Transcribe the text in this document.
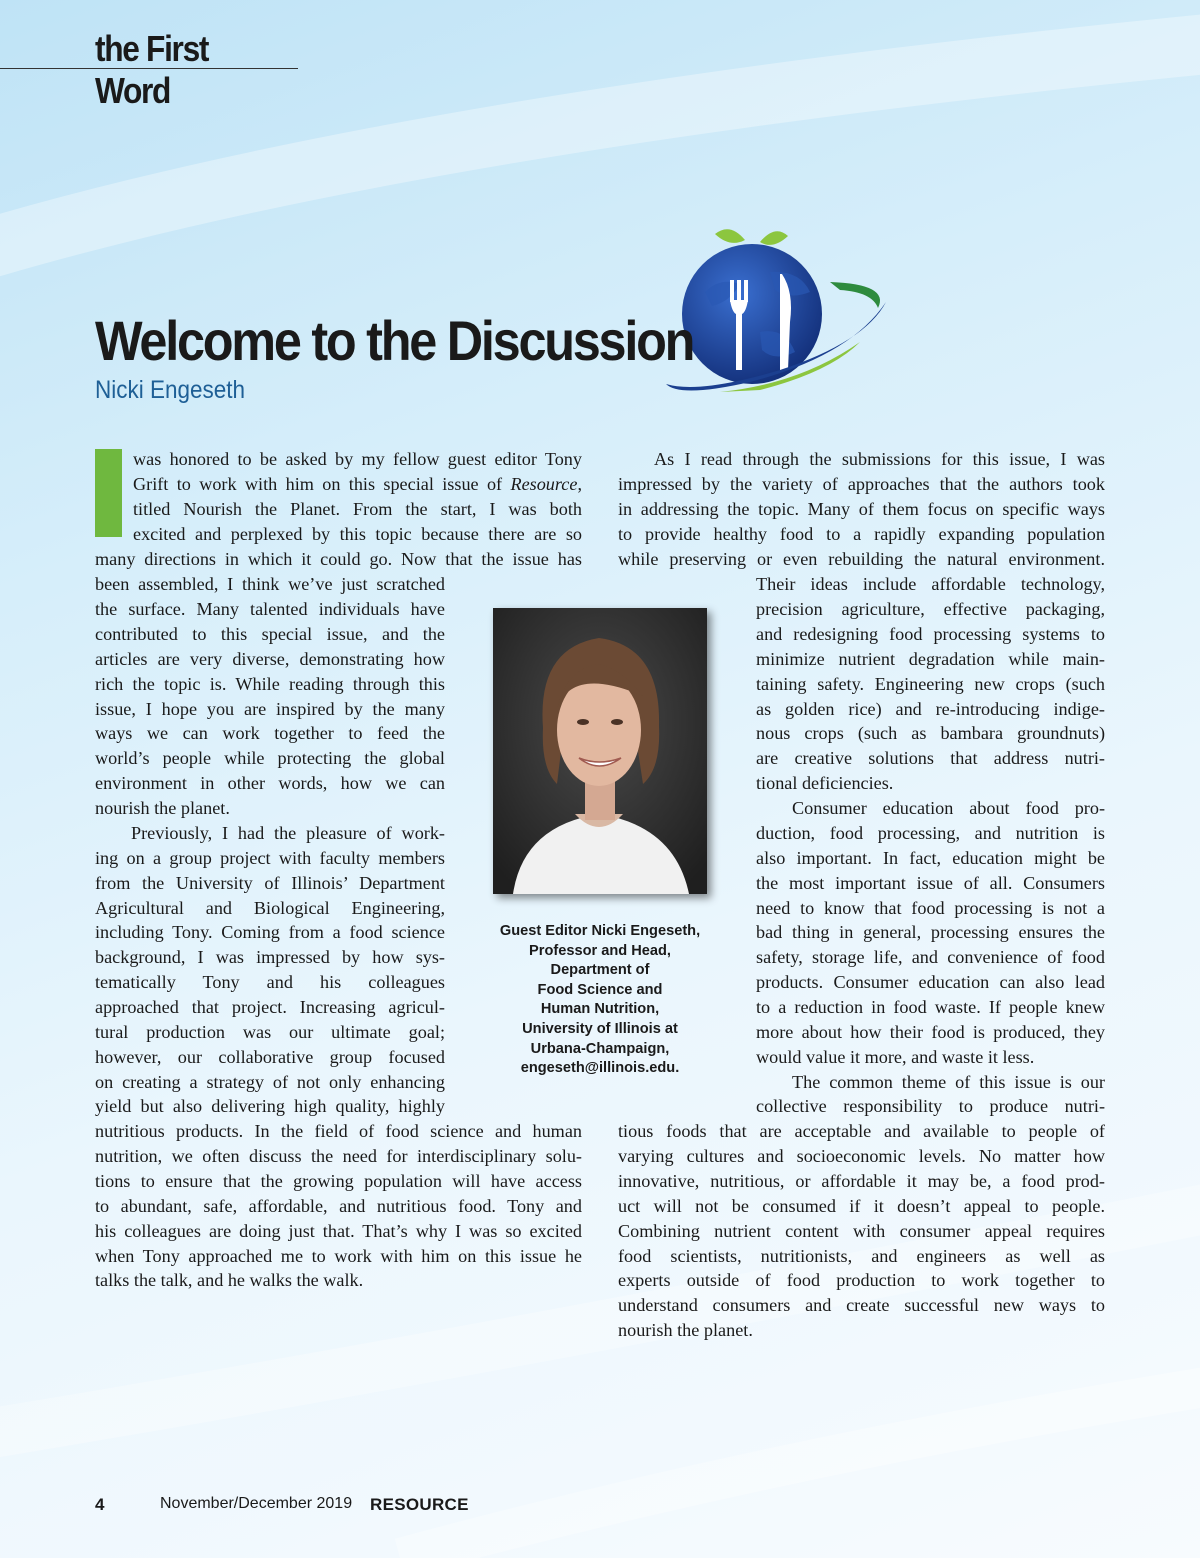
the First Word
Welcome to the Discussion
Nicki Engeseth
was honored to be asked by my fellow guest editor Tony
Grift to work with him on this special issue of Resource,
titled Nourish the Planet. From the start, I was both
excited and perplexed by this topic because there are so
many directions in which it could go. Now that the issue has
been assembled, I think we’ve just scratched
the surface. Many talented individuals have
contributed to this special issue, and the
articles are very diverse, demonstrating how
rich the topic is. While reading through this
issue, I hope you are inspired by the many
ways we can work together to feed the
world’s people while protecting the global
environment in other words, how we can
nourish the planet.
Previously, I had the pleasure of work-
ing on a group project with faculty members
from the University of Illinois’ Department
Agricultural and Biological Engineering,
including Tony. Coming from a food science
background, I was impressed by how sys-
tematically Tony and his colleagues
approached that project. Increasing agricul-
tural production was our ultimate goal;
however, our collaborative group focused
on creating a strategy of not only enhancing
yield but also delivering high quality, highly
nutritious products. In the field of food science and human
nutrition, we often discuss the need for interdisciplinary solu-
tions to ensure that the growing population will have access
to abundant, safe, affordable, and nutritious food. Tony and
his colleagues are doing just that. That’s why I was so excited
when Tony approached me to work with him on this issue he
talks the talk, and he walks the walk.
As I read through the submissions for this issue, I was
impressed by the variety of approaches that the authors took
in addressing the topic. Many of them focus on specific ways
to provide healthy food to a rapidly expanding population
while preserving or even rebuilding the natural environment.
Their ideas include affordable technology,
precision agriculture, effective packaging,
and redesigning food processing systems to
minimize nutrient degradation while main-
taining safety. Engineering new crops (such
as golden rice) and re-introducing indige-
nous crops (such as bambara groundnuts)
are creative solutions that address nutri-
tional deficiencies.
Consumer education about food pro-
duction, food processing, and nutrition is
also important. In fact, education might be
the most important issue of all. Consumers
need to know that food processing is not a
bad thing in general, processing ensures the
safety, storage life, and convenience of food
products. Consumer education can also lead
to a reduction in food waste. If people knew
more about how their food is produced, they
would value it more, and waste it less.
The common theme of this issue is our
collective responsibility to produce nutri-
tious foods that are acceptable and available to people of
varying cultures and socioeconomic levels. No matter how
innovative, nutritious, or affordable it may be, a food prod-
uct will not be consumed if it doesn’t appeal to people.
Combining nutrient content with consumer appeal requires
food scientists, nutritionists, and engineers as well as
experts outside of food production to work together to
understand consumers and create successful new ways to
nourish the planet.
Guest Editor Nicki Engeseth,
Professor and Head,
Department of
Food Science and
Human Nutrition,
University of Illinois at
Urbana-Champaign,
engeseth@illinois.edu.
4	November/December 2019 RESOURCE
